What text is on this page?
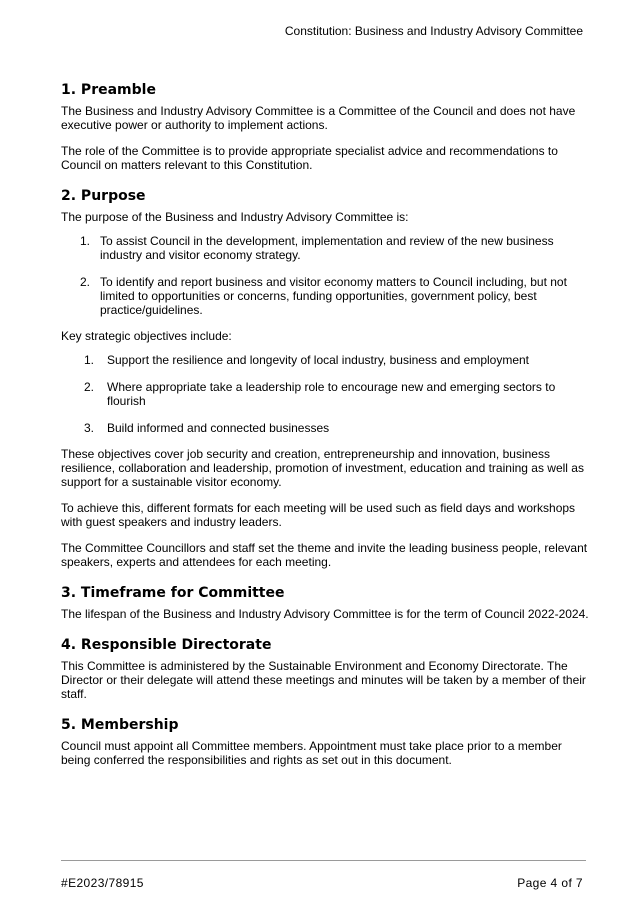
Constitution: Business and Industry Advisory Committee
1. Preamble

The Business and Industry Advisory Committee is a Committee of the Council and does not have executive power or authority to implement actions.

The role of the Committee is to provide appropriate specialist advice and recommendations to Council on matters relevant to this Constitution.

2. Purpose

The purpose of the Business and Industry Advisory Committee is:

1. To assist Council in the development, implementation and review of the new business industry and visitor economy strategy.
2. To identify and report business and visitor economy matters to Council including, but not limited to opportunities or concerns, funding opportunities, government policy, best practice/guidelines.

Key strategic objectives include:

1. Support the resilience and longevity of local industry, business and employment
2. Where appropriate take a leadership role to encourage new and emerging sectors to flourish
3. Build informed and connected businesses

These objectives cover job security and creation, entrepreneurship and innovation, business resilience, collaboration and leadership, promotion of investment, education and training as well as support for a sustainable visitor economy.

To achieve this, different formats for each meeting will be used such as field days and workshops with guest speakers and industry leaders.

The Committee Councillors and staff set the theme and invite the leading business people, relevant speakers, experts and attendees for each meeting.

3. Timeframe for Committee

The lifespan of the Business and Industry Advisory Committee is for the term of Council 2022-2024.

4. Responsible Directorate

This Committee is administered by the Sustainable Environment and Economy Directorate. The Director or their delegate will attend these meetings and minutes will be taken by a member of their staff.

5. Membership

Council must appoint all Committee members. Appointment must take place prior to a member being conferred the responsibilities and rights as set out in this document.

#E2023/78915	Page 4 of 7
